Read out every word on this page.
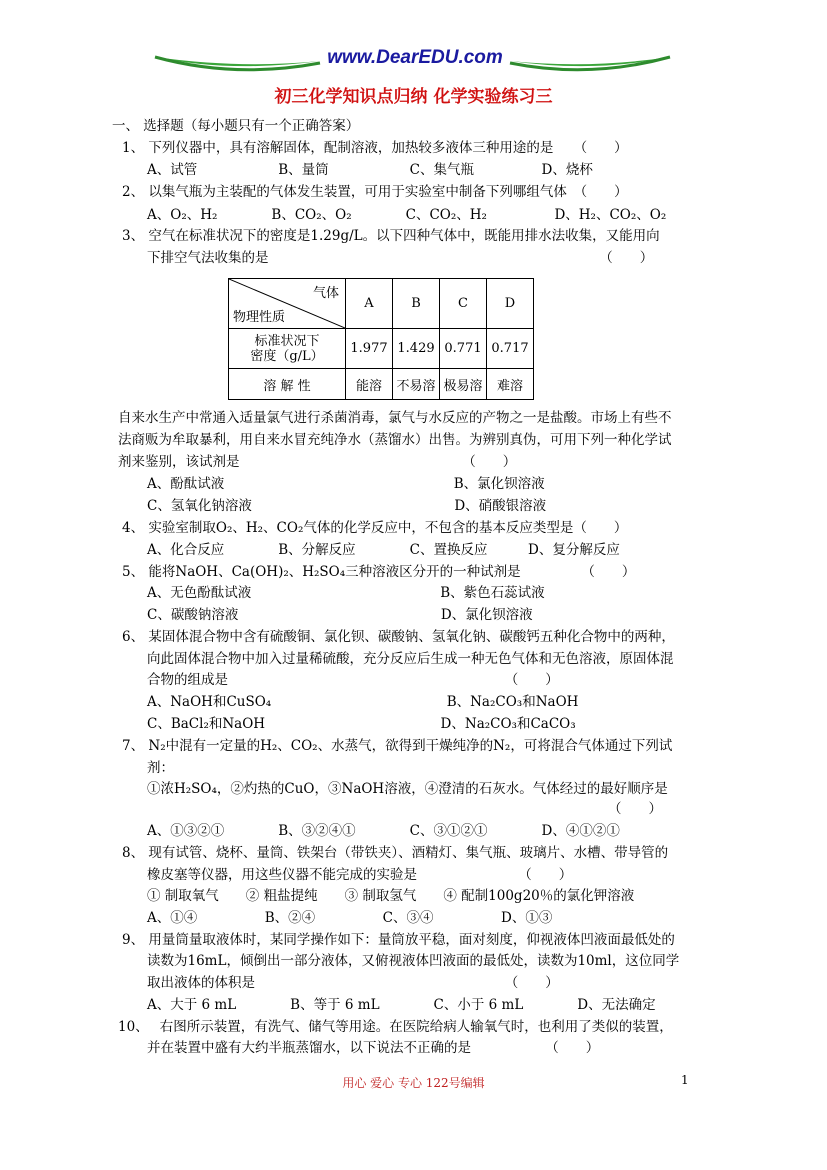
www.DearEDU.com
初三化学知识点归纳 化学实验练习三
一、 选择题（每小题只有一个正确答案）
1、 下列仪器中，具有溶解固体，配制溶液，加热较多液体三种用途的是　　（　　）
A、试管　　　　　　B、量筒　　　　　　C、集气瓶　　　　　D、烧杯
2、 以集气瓶为主装配的气体发生装置，可用于实验室中制备下列哪组气体　（　　）
A、O₂、H₂　　　　B、CO₂、O₂　　　　C、CO₂、H₂　　　　　D、H₂、CO₂、O₂
3、 空气在标准状况下的密度是1.29g/L。以下四种气体中，既能用排水法收集，又能用向
下排空气法收集的是　　　　　　　　　　　　　　　　　　　　　　　　　（　　）
自来水生产中常通入适量氯气进行杀菌消毒，氯气与水反应的产物之一是盐酸。市场上有些不
法商贩为牟取暴利，用自来水冒充纯净水（蒸馏水）出售。为辨别真伪，可用下列一种化学试
剂来鉴别，该试剂是　　　　　　　　　　　　　　　　　（　　）
A、酚酞试液　　　　　　　　　　　　　　　　　B、氯化钡溶液
C、氢氧化钠溶液　　　　　　　　　　　　　　　D、硝酸银溶液
4、 实验室制取O₂、H₂、CO₂气体的化学反应中，不包含的基本反应类型是（　　）
A、化合反应　　　　B、分解反应　　　　C、置换反应　　　D、复分解反应
5、 能将NaOH、Ca(OH)₂、H₂SO₄三种溶液区分开的一种试剂是　　　　　（　　）
A、无色酚酞试液　　　　　　　　　　　　　　B、紫色石蕊试液
C、碳酸钠溶液　　　　　　　　　　　　　　　D、氯化钡溶液
6、 某固体混合物中含有硫酸铜、氯化钡、碳酸钠、氢氧化钠、碳酸钙五种化合物中的两种，
向此固体混合物中加入过量稀硫酸，充分反应后生成一种无色气体和无色溶液，原固体混
合物的组成是　　　　　　　　　　　　　　　　　　　　　（　　）
A、NaOH和CuSO₄　　　　　　　　　　　　　B、Na₂CO₃和NaOH
C、BaCl₂和NaOH　　　　　　　　　　　　　D、Na₂CO₃和CaCO₃
7、 N₂中混有一定量的H₂、CO₂、水蒸气，欲得到干燥纯净的N₂，可将混合气体通过下列试
剂：
①浓H₂SO₄，②灼热的CuO，③NaOH溶液，④澄清的石灰水。气体经过的最好顺序是
（　　）
A、①③②①　　　　B、③②④①　　　　C、③①②①　　　　D、④①②①
8、 现有试管、烧杯、量筒、铁架台（带铁夹）、酒精灯、集气瓶、玻璃片、水槽、带导管的
橡皮塞等仪器，用这些仪器不能完成的实验是　　　　　　　　（　　）
① 制取氧气　　② 粗盐提纯　　③ 制取氢气　　④ 配制100g20％的氯化钾溶液
A、①④　　　　　B、②④　　　　　C、③④　　　　　D、①③
9、 用量筒量取液体时，某同学操作如下：量筒放平稳，面对刻度，仰视液体凹液面最低处的
读数为16mL，倾倒出一部分液体，又俯视液体凹液面的最低处，读数为10ml，这位同学
取出液体的体积是　　　　　　　　　　　　　　　　　　　（　　）
A、大于 6 mL　　　　B、等于 6 mL　　　　C、小于 6 mL　　　　D、无法确定
10、　 右图所示装置，有洗气、储气等用途。在医院给病人输氧气时，也利用了类似的装置，
并在装置中盛有大约半瓶蒸馏水，以下说法不正确的是　　　　　　（　　）
气体
物理性质	A	B	C	D

标准状况下
密度（g/L）	1.977	1.429	0.771	0.717
溶 解 性	能溶	不易溶	极易溶	难溶
用心 爱心 专心 122号编辑	1
